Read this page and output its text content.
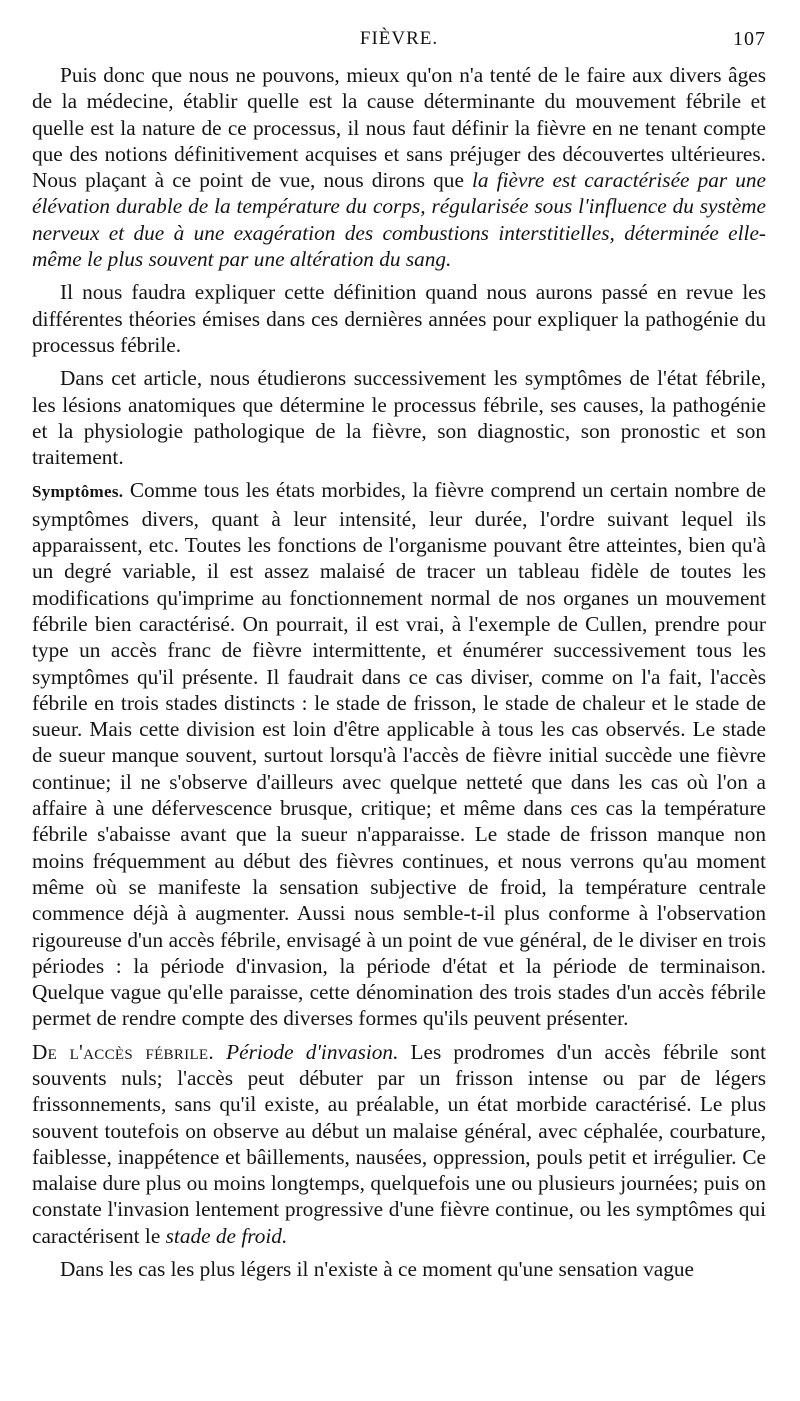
FIÈVRE.	107

Puis donc que nous ne pouvons, mieux qu'on n'a tenté de le faire aux divers âges de la médecine, établir quelle est la cause déterminante du mouvement fébrile et quelle est la nature de ce processus, il nous faut définir la fièvre en ne tenant compte que des notions définitivement acquises et sans préjuger des découvertes ultérieures. Nous plaçant à ce point de vue, nous dirons que la fièvre est caractérisée par une élévation durable de la température du corps, régularisée sous l'influence du système nerveux et due à une exagération des combustions interstitielles, déterminée elle-même le plus souvent par une altération du sang.

Il nous faudra expliquer cette définition quand nous aurons passé en revue les différentes théories émises dans ces dernières années pour expliquer la pathogénie du processus fébrile.

Dans cet article, nous étudierons successivement les symptômes de l'état fébrile, les lésions anatomiques que détermine le processus fébrile, ses causes, la pathogénie et la physiologie pathologique de la fièvre, son diagnostic, son pronostic et son traitement.

Symptômes. Comme tous les états morbides, la fièvre comprend un certain nombre de symptômes divers, quant à leur intensité, leur durée, l'ordre suivant lequel ils apparaissent, etc. Toutes les fonctions de l'organisme pouvant être atteintes, bien qu'à un degré variable, il est assez malaisé de tracer un tableau fidèle de toutes les modifications qu'imprime au fonctionnement normal de nos organes un mouvement fébrile bien caractérisé. On pourrait, il est vrai, à l'exemple de Cullen, prendre pour type un accès franc de fièvre intermittente, et énumérer successivement tous les symptômes qu'il présente. Il faudrait dans ce cas diviser, comme on l'a fait, l'accès fébrile en trois stades distincts : le stade de frisson, le stade de chaleur et le stade de sueur. Mais cette division est loin d'être applicable à tous les cas observés. Le stade de sueur manque souvent, surtout lorsqu'à l'accès de fièvre initial succède une fièvre continue; il ne s'observe d'ailleurs avec quelque netteté que dans les cas où l'on a affaire à une défervescence brusque, critique; et même dans ces cas la température fébrile s'abaisse avant que la sueur n'apparaisse. Le stade de frisson manque non moins fréquemment au début des fièvres continues, et nous verrons qu'au moment même où se manifeste la sensation subjective de froid, la température centrale commence déjà à augmenter. Aussi nous semble-t-il plus conforme à l'observation rigoureuse d'un accès fébrile, envisagé à un point de vue général, de le diviser en trois périodes : la période d'invasion, la période d'état et la période de terminaison. Quelque vague qu'elle paraisse, cette dénomination des trois stades d'un accès fébrile permet de rendre compte des diverses formes qu'ils peuvent présenter.

De l'accès fébrile. Période d'invasion. Les prodromes d'un accès fébrile sont souvents nuls; l'accès peut débuter par un frisson intense ou par de légers frissonnements, sans qu'il existe, au préalable, un état morbide caractérisé. Le plus souvent toutefois on observe au début un malaise général, avec céphalée, courbature, faiblesse, inappétence et bâillements, nausées, oppression, pouls petit et irrégulier. Ce malaise dure plus ou moins longtemps, quelquefois une ou plusieurs journées; puis on constate l'invasion lentement progressive d'une fièvre continue, ou les symptômes qui caractérisent le stade de froid.

Dans les cas les plus légers il n'existe à ce moment qu'une sensation vague
